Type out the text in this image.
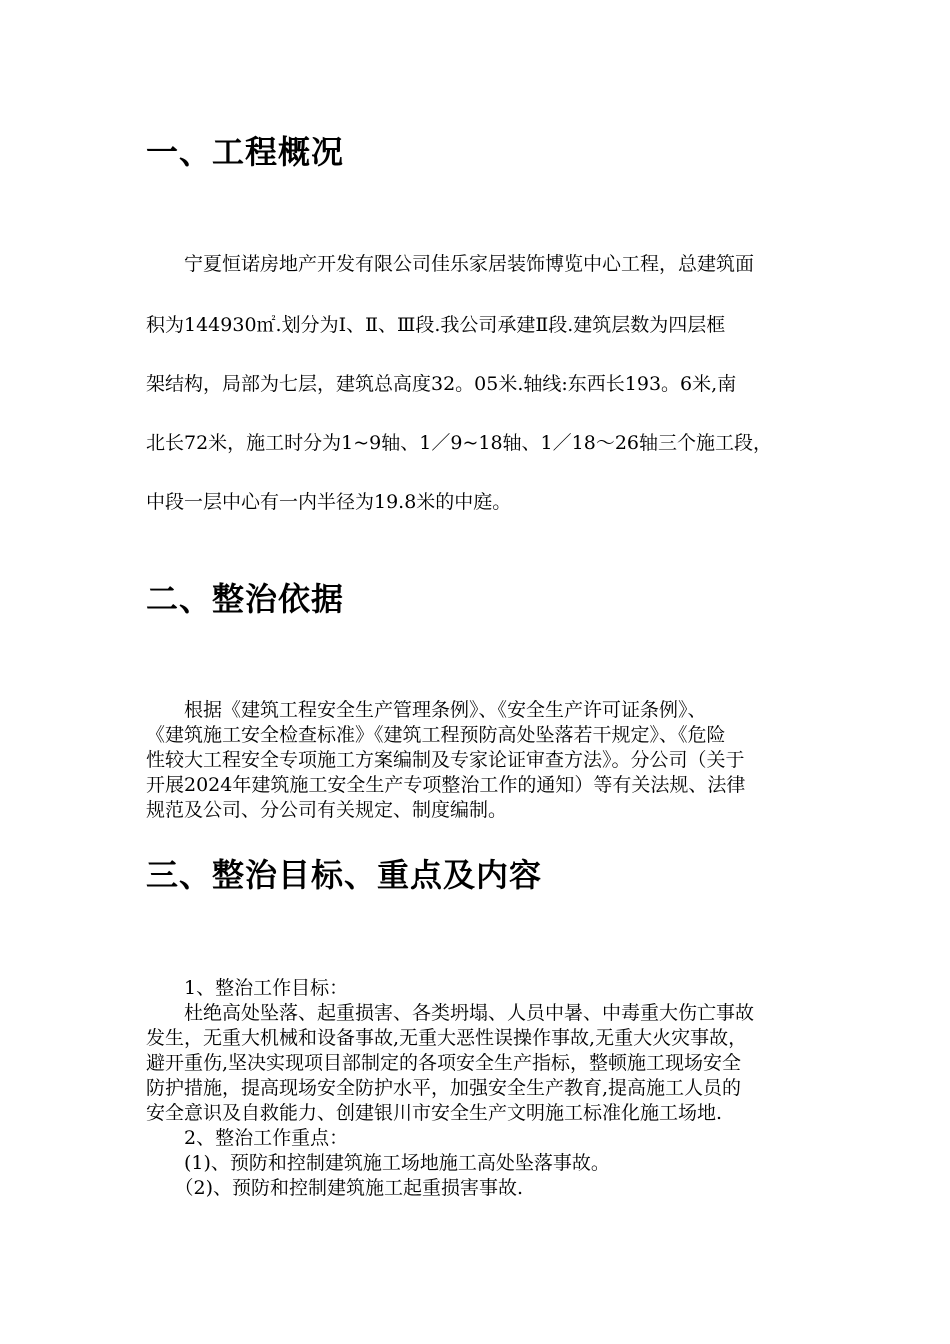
一、工程概况
　　宁夏恒诺房地产开发有限公司佳乐家居装饰博览中心工程，总建筑面
积为144930㎡.划分为Ⅰ、Ⅱ、Ⅲ段.我公司承建Ⅱ段.建筑层数为四层框
架结构，局部为七层，建筑总高度32。05米.轴线:东西长193。6米,南
北长72米，施工时分为1~9轴、1／9~18轴、1／18～26轴三个施工段，
中段一层中心有一内半径为19.8米的中庭。
二、整治依据
　　根据《建筑工程安全生产管理条例》、《安全生产许可证条例》、
《建筑施工安全检查标准》《建筑工程预防高处坠落若干规定》、《危险
性较大工程安全专项施工方案编制及专家论证审查方法》。分公司（关于
开展2024年建筑施工安全生产专项整治工作的通知）等有关法规、法律
规范及公司、分公司有关规定、制度编制。
三、整治目标、重点及内容
　　1、整治工作目标：
　　杜绝高处坠落、起重损害、各类坍塌、人员中暑、中毒重大伤亡事故
发生，无重大机械和设备事故,无重大恶性误操作事故,无重大火灾事故，
避开重伤,坚决实现项目部制定的各项安全生产指标，整顿施工现场安全
防护措施，提高现场安全防护水平，加强安全生产教育,提高施工人员的
安全意识及自救能力、创建银川市安全生产文明施工标准化施工场地.
　　2、整治工作重点：
　　(1)、预防和控制建筑施工场地施工高处坠落事故。
　　（2)、预防和控制建筑施工起重损害事故.
